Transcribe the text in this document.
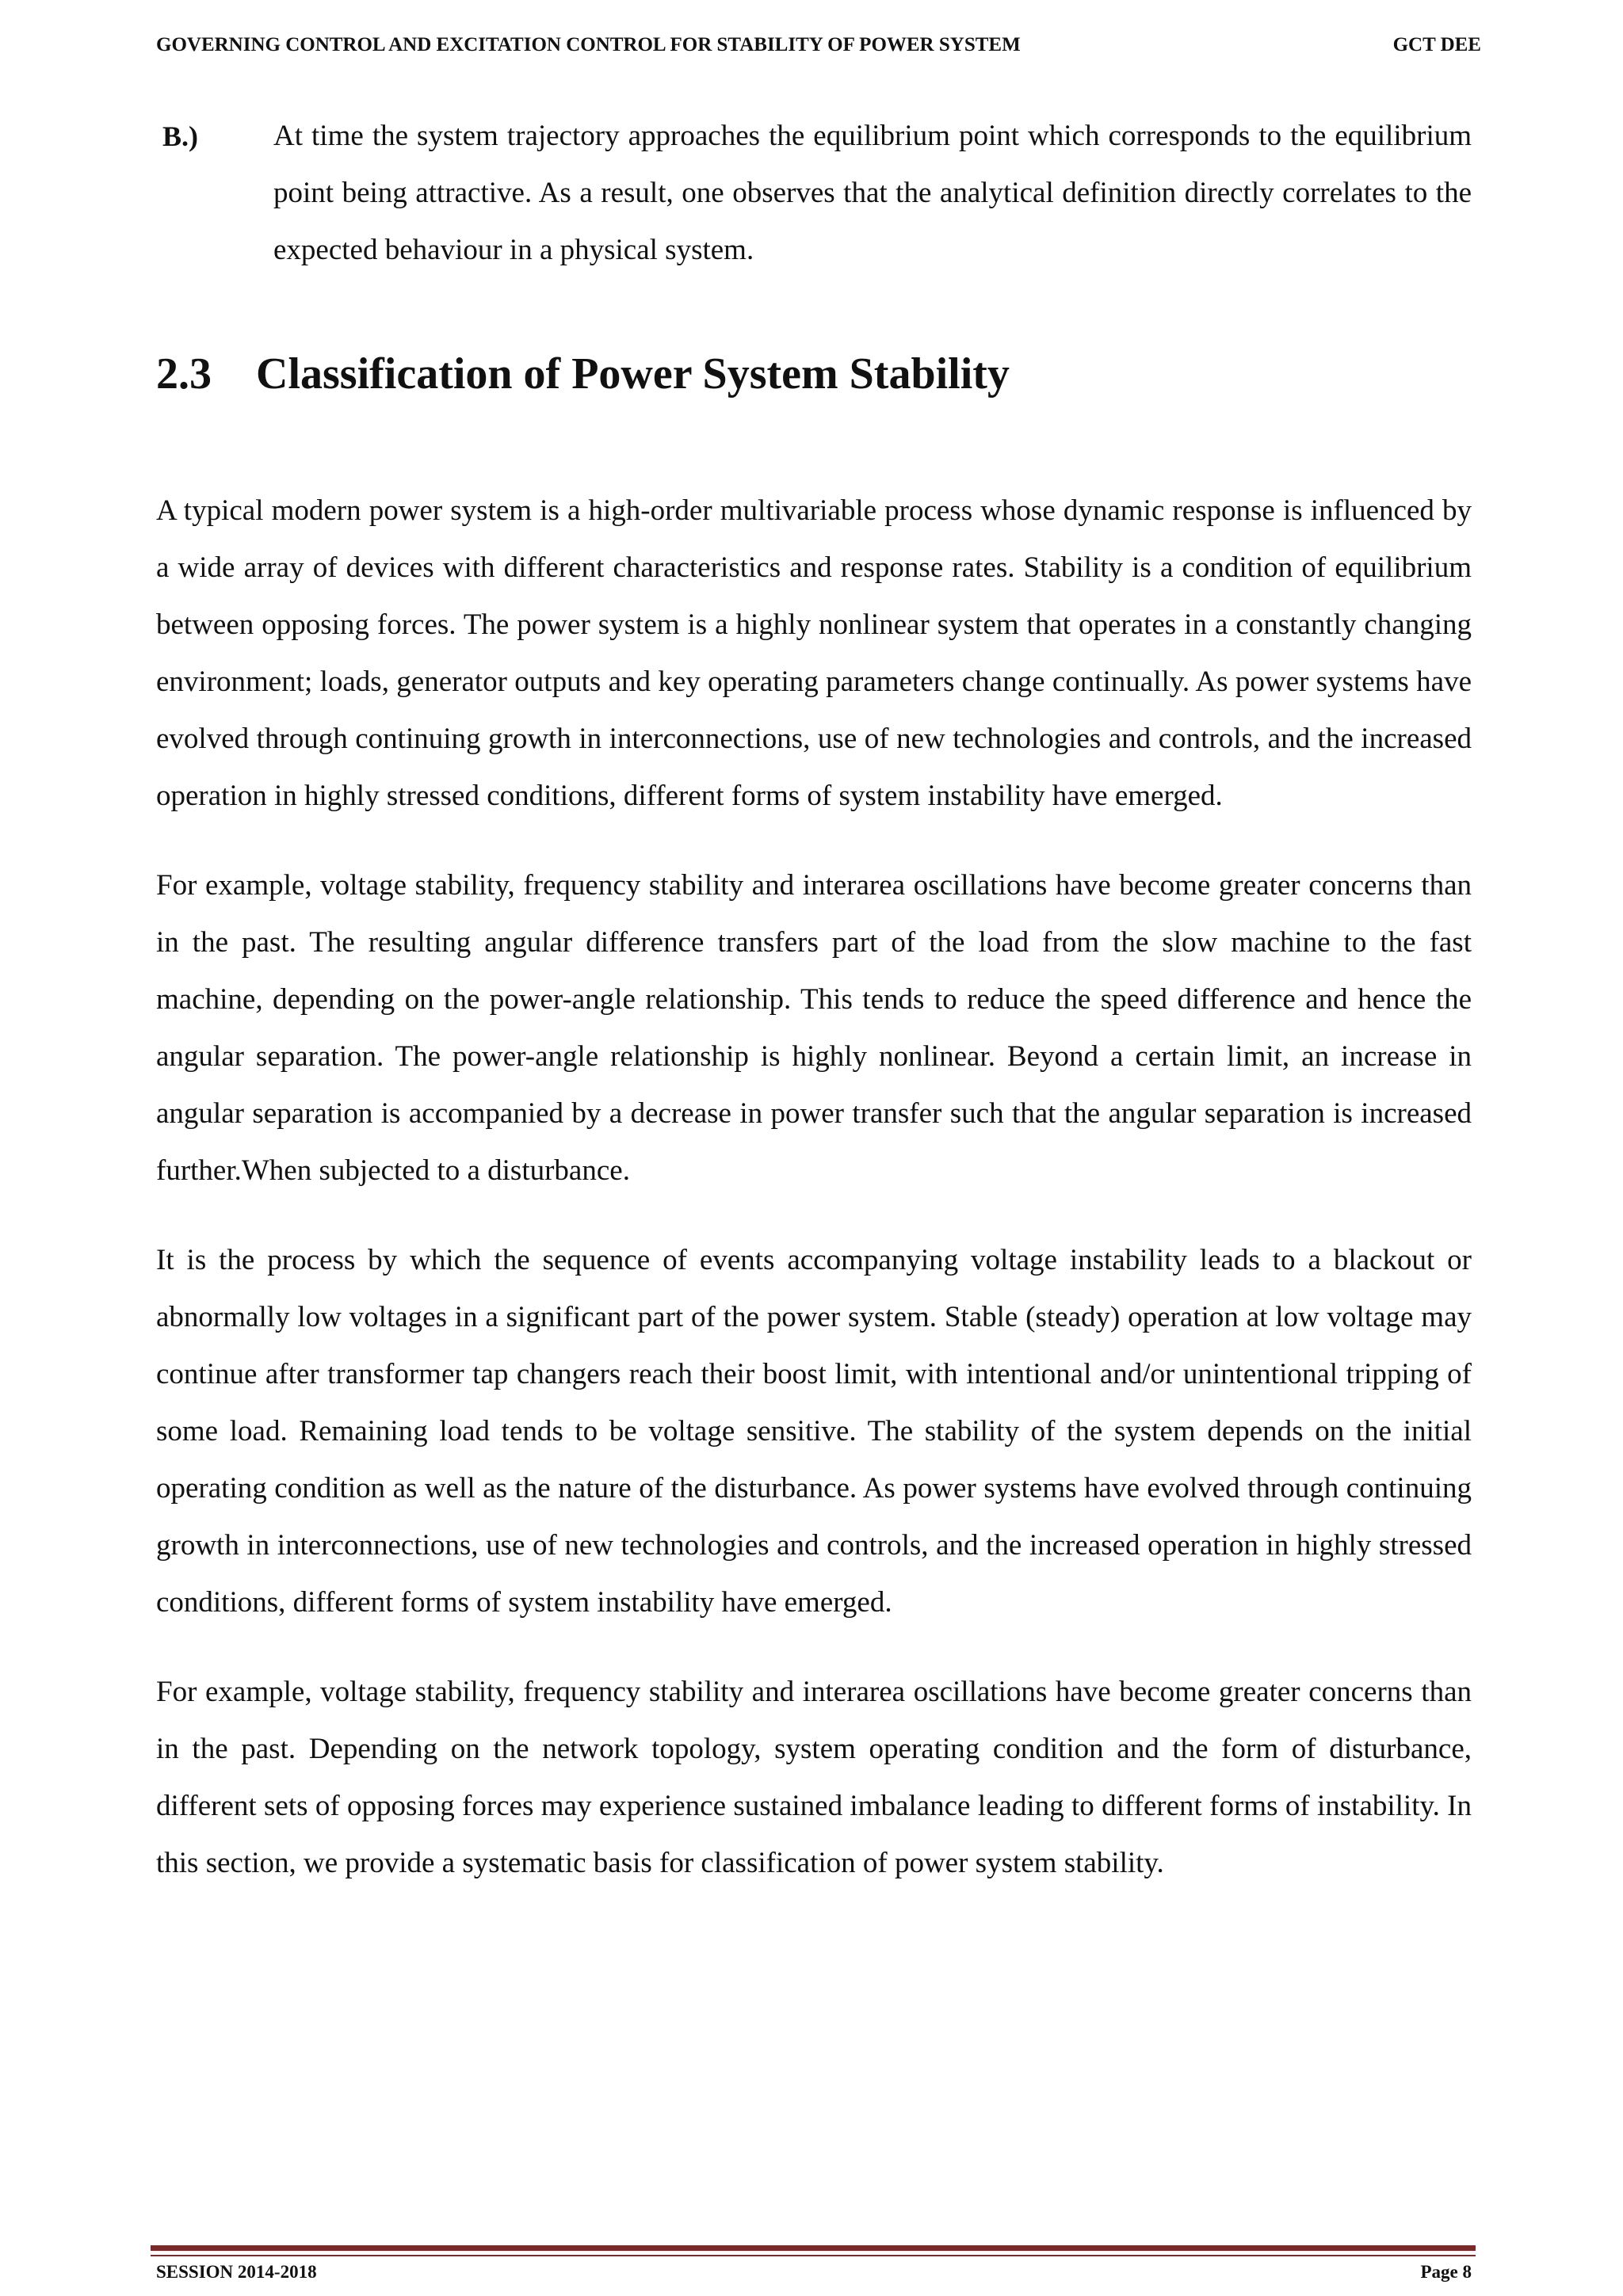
GOVERNING CONTROL AND EXCITATION CONTROL FOR STABILITY OF POWER SYSTEM	GCT DEE
B.)	At time the system trajectory approaches the equilibrium point which corresponds to the equilibrium point being attractive. As a result, one observes that the analytical definition directly correlates to the expected behaviour in a physical system.
2.3 Classification of Power System Stability

A typical modern power system is a high-order multivariable process whose dynamic response is influenced by a wide array of devices with different characteristics and response rates. Stability is a condition of equilibrium between opposing forces. The power system is a highly nonlinear system that operates in a constantly changing environment; loads, generator outputs and key operating parameters change continually. As power systems have evolved through continuing growth in interconnections, use of new technologies and controls, and the increased operation in highly stressed conditions, different forms of system instability have emerged.

For example, voltage stability, frequency stability and interarea oscillations have become greater concerns than in the past. The resulting angular difference transfers part of the load from the slow machine to the fast machine, depending on the power-angle relationship. This tends to reduce the speed difference and hence the angular separation. The power-angle relationship is highly nonlinear. Beyond a certain limit, an increase in angular separation is accompanied by a decrease in power transfer such that the angular separation is increased further.When subjected to a disturbance.

It is the process by which the sequence of events accompanying voltage instability leads to a blackout or abnormally low voltages in a significant part of the power system. Stable (steady) operation at low voltage may continue after transformer tap changers reach their boost limit, with intentional and/or unintentional tripping of some load. Remaining load tends to be voltage sensitive. The stability of the system depends on the initial operating condition as well as the nature of the disturbance. As power systems have evolved through continuing growth in interconnections, use of new technologies and controls, and the increased operation in highly stressed conditions, different forms of system instability have emerged.

For example, voltage stability, frequency stability and interarea oscillations have become greater concerns than in the past. Depending on the network topology, system operating condition and the form of disturbance, different sets of opposing forces may experience sustained imbalance leading to different forms of instability. In this section, we provide a systematic basis for classification of power system stability.

SESSION 2014-2018	Page 8
